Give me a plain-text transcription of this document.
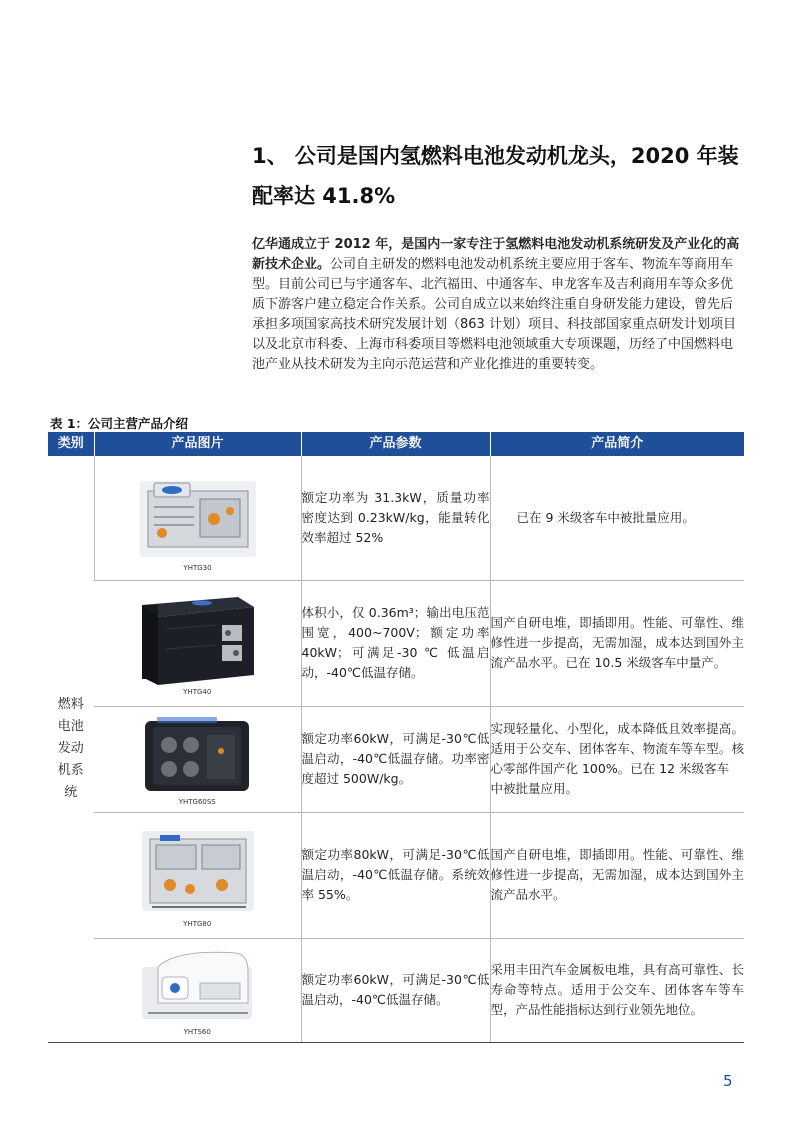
1、 公司是国内氢燃料电池发动机龙头，2020 年装
配率达 41.8%
亿华通成立于 2012 年，是国内一家专注于氢燃料电池发动机系统研发及产业化的高新技术企业。公司自主研发的燃料电池发动机系统主要应用于客车、物流车等商用车型。目前公司已与宇通客车、北汽福田、中通客车、申龙客车及吉利商用车等众多优质下游客户建立稳定合作关系。公司自成立以来始终注重自身研发能力建设，曾先后承担多项国家高技术研究发展计划（863 计划）项目、科技部国家重点研发计划项目以及北京市科委、上海市科委项目等燃料电池领域重大专项课题，历经了中国燃料电池产业从技术研发为主向示范运营和产业化推进的重要转变。
表 1：公司主营产品介绍
类别	产品图片	产品参数	产品简介
燃料电池发动机系统	YHTG30	额定功率为 31.3kW，质量功率密度达到 0.23kW/kg，能量转化效率超过 52%	已在 9 米级客车中被批量应用。

	YHTG40	体积小，仅 0.36m³；输出电压范围宽，400~700V；额定功率40kW；可满足-30 ℃ 低温启动，-40℃低温存储。	国产自研电堆，即插即用。性能、可靠性、维修性进一步提高，无需加湿，成本达到国外主流产品水平。已在 10.5 米级客车中量产。

	YHTG60SS	额定功率60kW，可满足-30℃低温启动，-40℃低温存储。功率密度超过 500W/kg。	实现轻量化、小型化，成本降低且效率提高。适用于公交车、团体客车、物流车等车型。核心零部件国产化 100%。已在 12 米级客车
中被批量应用。

	YHTG80	额定功率80kW，可满足-30℃低温启动，-40℃低温存储。系统效率 55%。	国产自研电堆，即插即用。性能、可靠性、维修性进一步提高，无需加湿，成本达到国外主流产品水平。

	YHTS60	额定功率60kW，可满足-30℃低温启动，-40℃低温存储。	采用丰田汽车金属板电堆，具有高可靠性、长寿命等特点。适用于公交车、团体客车等车型，产品性能指标达到行业领先地位。
5
